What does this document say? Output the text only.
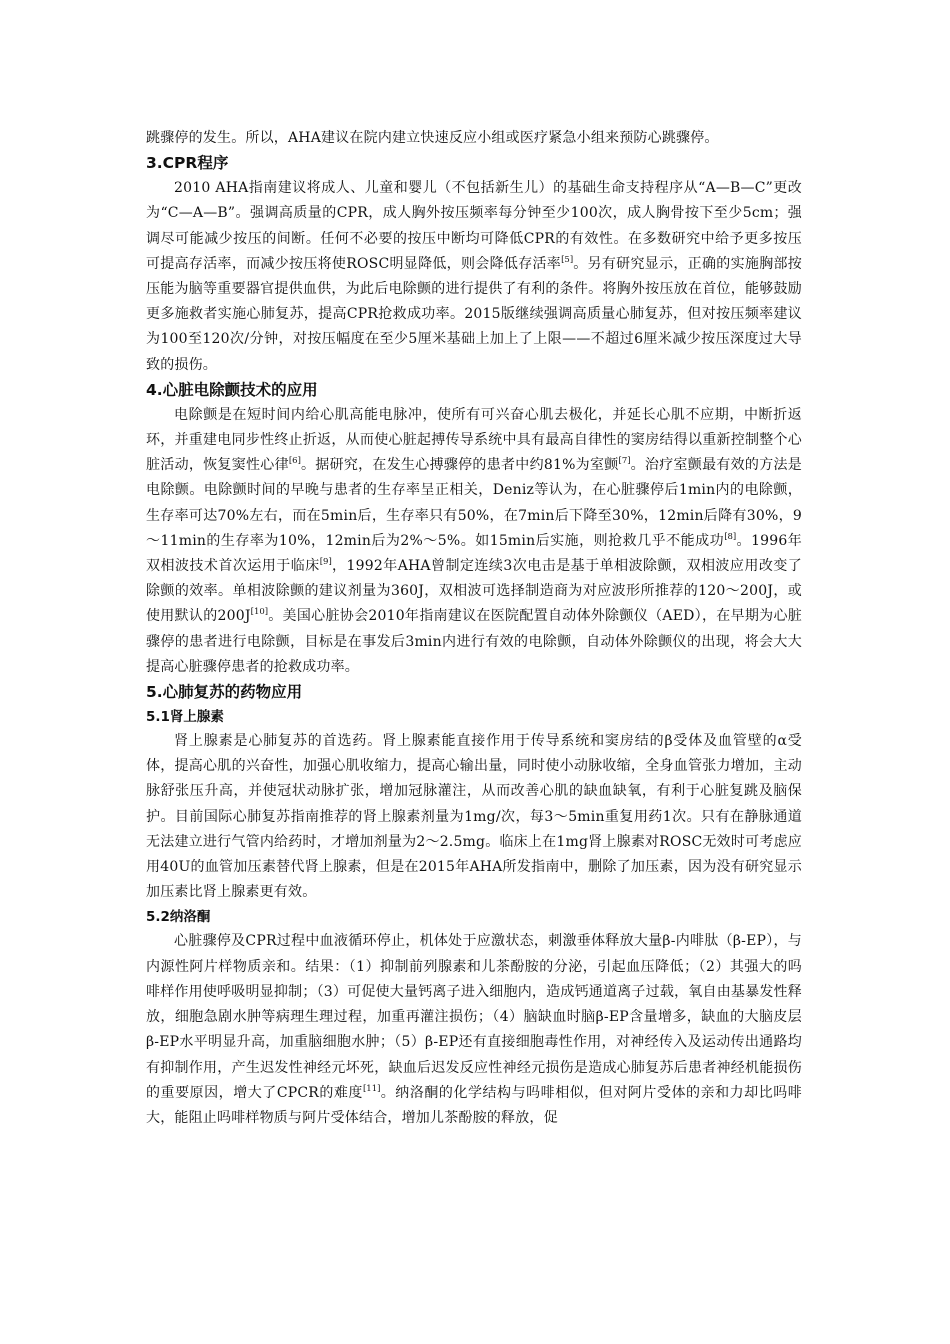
跳骤停的发生。所以，AHA建议在院内建立快速反应小组或医疗紧急小组来预防心跳骤停。

3.CPR程序

2010 AHA指南建议将成人、儿童和婴儿（不包括新生儿）的基础生命支持程序从“A—B—C”更改为“C—A—B”。强调高质量的CPR，成人胸外按压频率每分钟至少100次，成人胸骨按下至少5cm；强调尽可能减少按压的间断。任何不必要的按压中断均可降低CPR的有效性。在多数研究中给予更多按压可提高存活率，而减少按压将使ROSC明显降低，则会降低存活率[5]。另有研究显示，正确的实施胸部按压能为脑等重要器官提供血供，为此后电除颤的进行提供了有利的条件。将胸外按压放在首位，能够鼓励更多施救者实施心肺复苏，提高CPR抢救成功率。2015版继续强调高质量心肺复苏，但对按压频率建议为100至120次/分钟，对按压幅度在至少5厘米基础上加上了上限——不超过6厘米减少按压深度过大导致的损伤。

4.心脏电除颤技术的应用

电除颤是在短时间内给心肌高能电脉冲，使所有可兴奋心肌去极化，并延长心肌不应期，中断折返环，并重建电同步性终止折返，从而使心脏起搏传导系统中具有最高自律性的窦房结得以重新控制整个心脏活动，恢复窦性心律[6]。据研究，在发生心搏骤停的患者中约81%为室颤[7]。治疗室颤最有效的方法是电除颤。电除颤时间的早晚与患者的生存率呈正相关，Deniz等认为，在心脏骤停后1min内的电除颤，生存率可达70%左右，而在5min后，生存率只有50%，在7min后下降至30%，12min后降有30%，9～11min的生存率为10%，12min后为2%～5%。如15min后实施，则抢救几乎不能成功[8]。1996年双相波技术首次运用于临床[9]，1992年AHA曾制定连续3次电击是基于单相波除颤，双相波应用改变了除颤的效率。单相波除颤的建议剂量为360J，双相波可选择制造商为对应波形所推荐的120～200J，或使用默认的200J[10]。美国心脏协会2010年指南建议在医院配置自动体外除颤仪（AED），在早期为心脏骤停的患者进行电除颤，目标是在事发后3min内进行有效的电除颤，自动体外除颤仪的出现，将会大大提高心脏骤停患者的抢救成功率。

5.心肺复苏的药物应用
5.1肾上腺素

肾上腺素是心肺复苏的首选药。肾上腺素能直接作用于传导系统和窦房结的β受体及血管壁的α受体，提高心肌的兴奋性，加强心肌收缩力，提高心输出量，同时使小动脉收缩，全身血管张力增加，主动脉舒张压升高，并使冠状动脉扩张，增加冠脉灌注，从而改善心肌的缺血缺氧，有利于心脏复跳及脑保护。目前国际心肺复苏指南推荐的肾上腺素剂量为1mg/次，每3～5min重复用药1次。只有在静脉通道无法建立进行气管内给药时，才增加剂量为2～2.5mg。临床上在1mg肾上腺素对ROSC无效时可考虑应用40U的血管加压素替代肾上腺素，但是在2015年AHA所发指南中，删除了加压素，因为没有研究显示加压素比肾上腺素更有效。

5.2纳洛酮

心脏骤停及CPR过程中血液循环停止，机体处于应激状态，刺激垂体释放大量β-内啡肽（β-EP），与内源性阿片样物质亲和。结果：（1）抑制前列腺素和儿茶酚胺的分泌，引起血压降低；（2）其强大的吗啡样作用使呼吸明显抑制；（3）可促使大量钙离子进入细胞内，造成钙通道离子过载，氧自由基暴发性释放，细胞急剧水肿等病理生理过程，加重再灌注损伤；（4）脑缺血时脑β-EP含量增多，缺血的大脑皮层β-EP水平明显升高，加重脑细胞水肿；（5）β-EP还有直接细胞毒性作用，对神经传入及运动传出通路均有抑制作用，产生迟发性神经元坏死，缺血后迟发反应性神经元损伤是造成心肺复苏后患者神经机能损伤的重要原因，增大了CPCR的难度[11]。纳洛酮的化学结构与吗啡相似，但对阿片受体的亲和力却比吗啡大，能阻止吗啡样物质与阿片受体结合，增加儿茶酚胺的释放，促
